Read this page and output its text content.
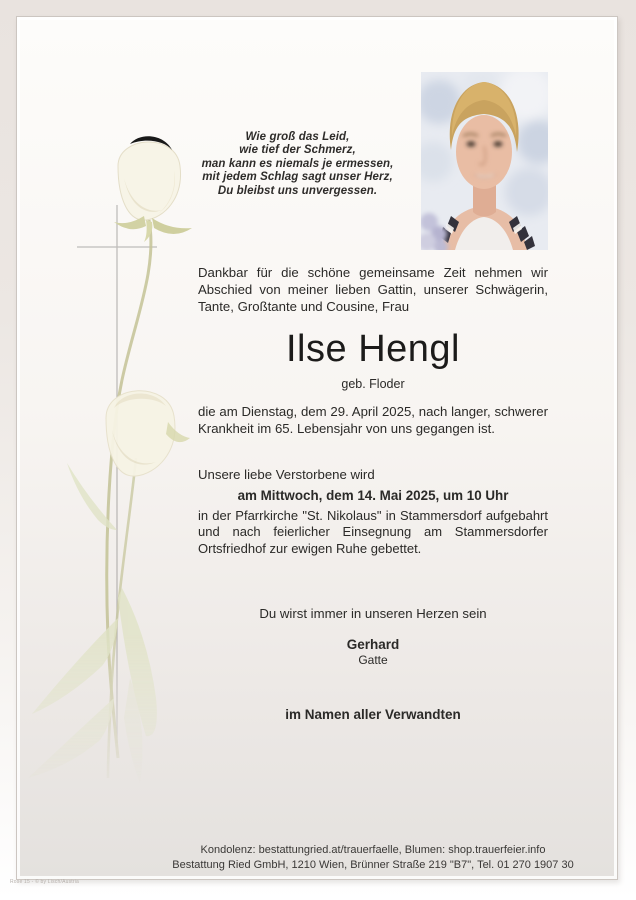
Wie groß das Leid,
wie tief der Schmerz,
man kann es niemals je ermessen,
mit jedem Schlag sagt unser Herz,
Du bleibst uns unvergessen.
Dankbar für die schöne gemeinsame Zeit nehmen wir Abschied von meiner lieben Gattin, unserer Schwägerin, Tante, Großtante und Cousine, Frau
Ilse Hengl
geb. Floder
die am Dienstag, dem 29. April 2025, nach langer, schwerer Krankheit im 65. Lebensjahr von uns gegangen ist.
Unsere liebe Verstorbene wird
am Mittwoch, dem 14. Mai 2025, um 10 Uhr
in der Pfarrkirche "St. Nikolaus" in Stammersdorf aufgebahrt und nach feierlicher Einsegnung am Stammersdorfer Ortsfriedhof zur ewigen Ruhe gebettet.
Du wirst immer in unseren Herzen sein
Gerhard
Gatte
im Namen aller Verwandten
Kondolenz: bestattungried.at/trauerfaelle, Blumen: shop.trauerfeier.info
Bestattung Ried GmbH, 1210 Wien, Brünner Straße 219 "B7", Tel. 01 270 1907 30
Rose 15 - © by Lisch/Austria
